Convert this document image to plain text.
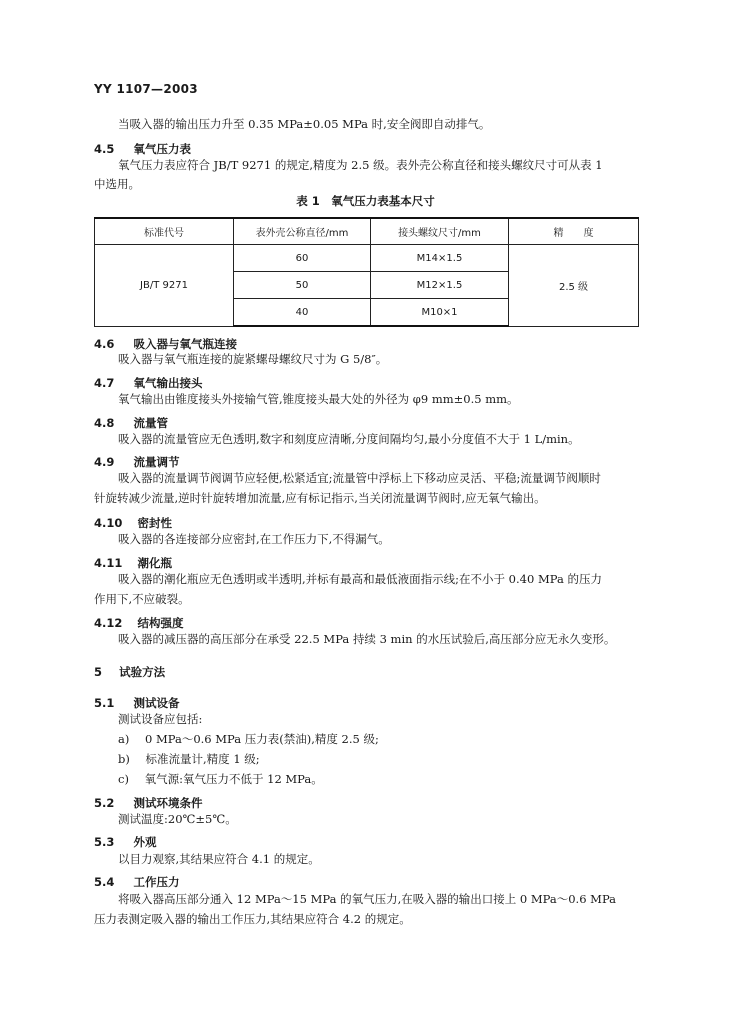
YY 1107—2003
当吸入器的输出压力升至 0.35 MPa±0.05 MPa 时,安全阀即自动排气。
4.5 氧气压力表
氧气压力表应符合 JB/T 9271 的规定,精度为 2.5 级。表外壳公称直径和接头螺纹尺寸可从表 1
中选用。
表 1　氧气压力表基本尺寸
标准代号	表外壳公称直径/mm	接头螺纹尺寸/mm	精　　度
JB/T 9271	60	M14×1.5	2.5 级
	50	M12×1.5	
	40	M10×1	
4.6 吸入器与氧气瓶连接
吸入器与氧气瓶连接的旋紧螺母螺纹尺寸为 G 5/8″。
4.7 氧气输出接头
氧气输出由锥度接头外接输气管,锥度接头最大处的外径为 φ9 mm±0.5 mm。
4.8 流量管
吸入器的流量管应无色透明,数字和刻度应清晰,分度间隔均匀,最小分度值不大于 1 L/min。
4.9 流量调节
吸入器的流量调节阀调节应轻便,松紧适宜;流量管中浮标上下移动应灵活、平稳;流量调节阀顺时
针旋转减少流量,逆时针旋转增加流量,应有标记指示,当关闭流量调节阀时,应无氧气输出。
4.10 密封性
吸入器的各连接部分应密封,在工作压力下,不得漏气。
4.11 潮化瓶
吸入器的潮化瓶应无色透明或半透明,并标有最高和最低液面指示线;在不小于 0.40 MPa 的压力
作用下,不应破裂。
4.12 结构强度
吸入器的减压器的高压部分在承受 22.5 MPa 持续 3 min 的水压试验后,高压部分应无永久变形。
5 试验方法
5.1 测试设备
测试设备应包括:
a) 0 MPa～0.6 MPa 压力表(禁油),精度 2.5 级;
b) 标准流量计,精度 1 级;
c) 氧气源:氧气压力不低于 12 MPa。
5.2 测试环境条件
测试温度:20℃±5℃。
5.3 外观
以目力观察,其结果应符合 4.1 的规定。
5.4 工作压力
将吸入器高压部分通入 12 MPa～15 MPa 的氧气压力,在吸入器的输出口接上 0 MPa～0.6 MPa
压力表测定吸入器的输出工作压力,其结果应符合 4.2 的规定。
